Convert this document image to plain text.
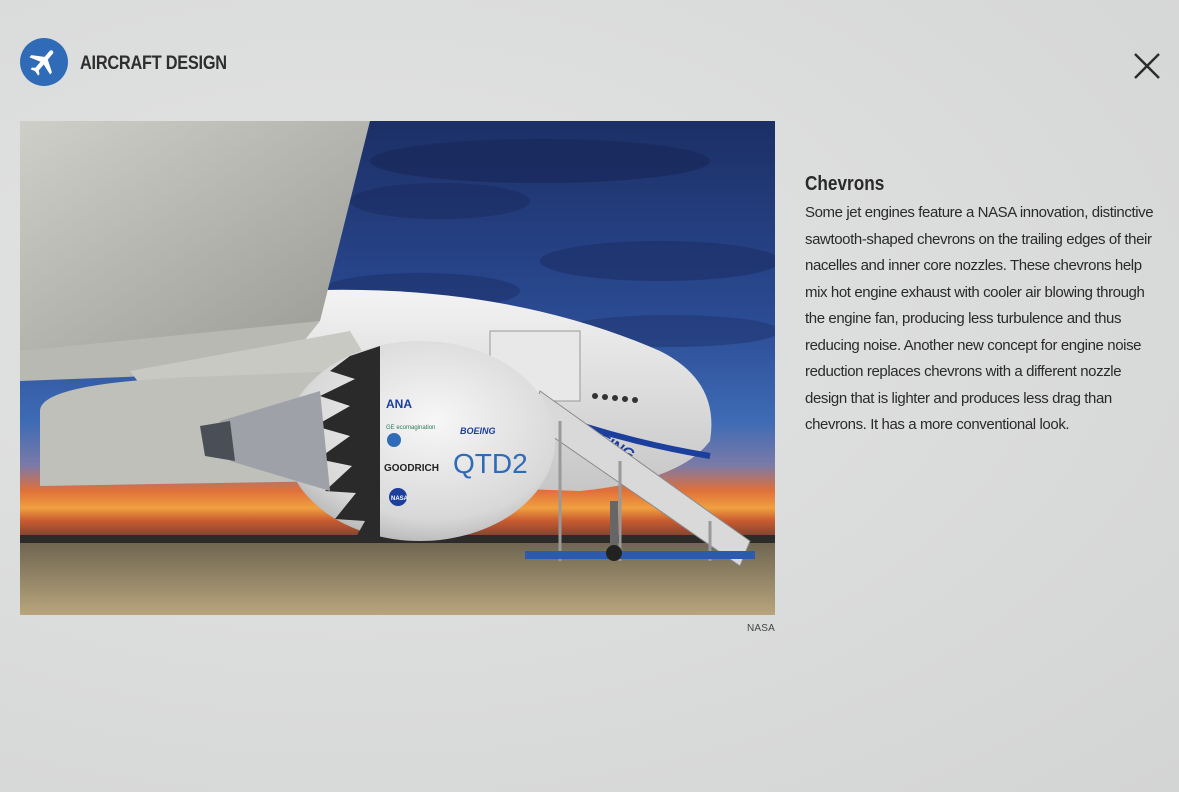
AIRCRAFT DESIGN
ANA
GE ecomagination	BOEING
GOODRICH QTD2
NASA
NASA
Chevrons

Some jet engines feature a NASA innovation, distinctive sawtooth-shaped chevrons on the trailing edges of their nacelles and inner core nozzles. These chevrons help mix hot engine exhaust with cooler air blowing through the engine fan, producing less turbulence and thus reducing noise. Another new concept for engine noise reduction replaces chevrons with a different nozzle design that is lighter and produces less drag than chevrons. It has a more conventional look.
